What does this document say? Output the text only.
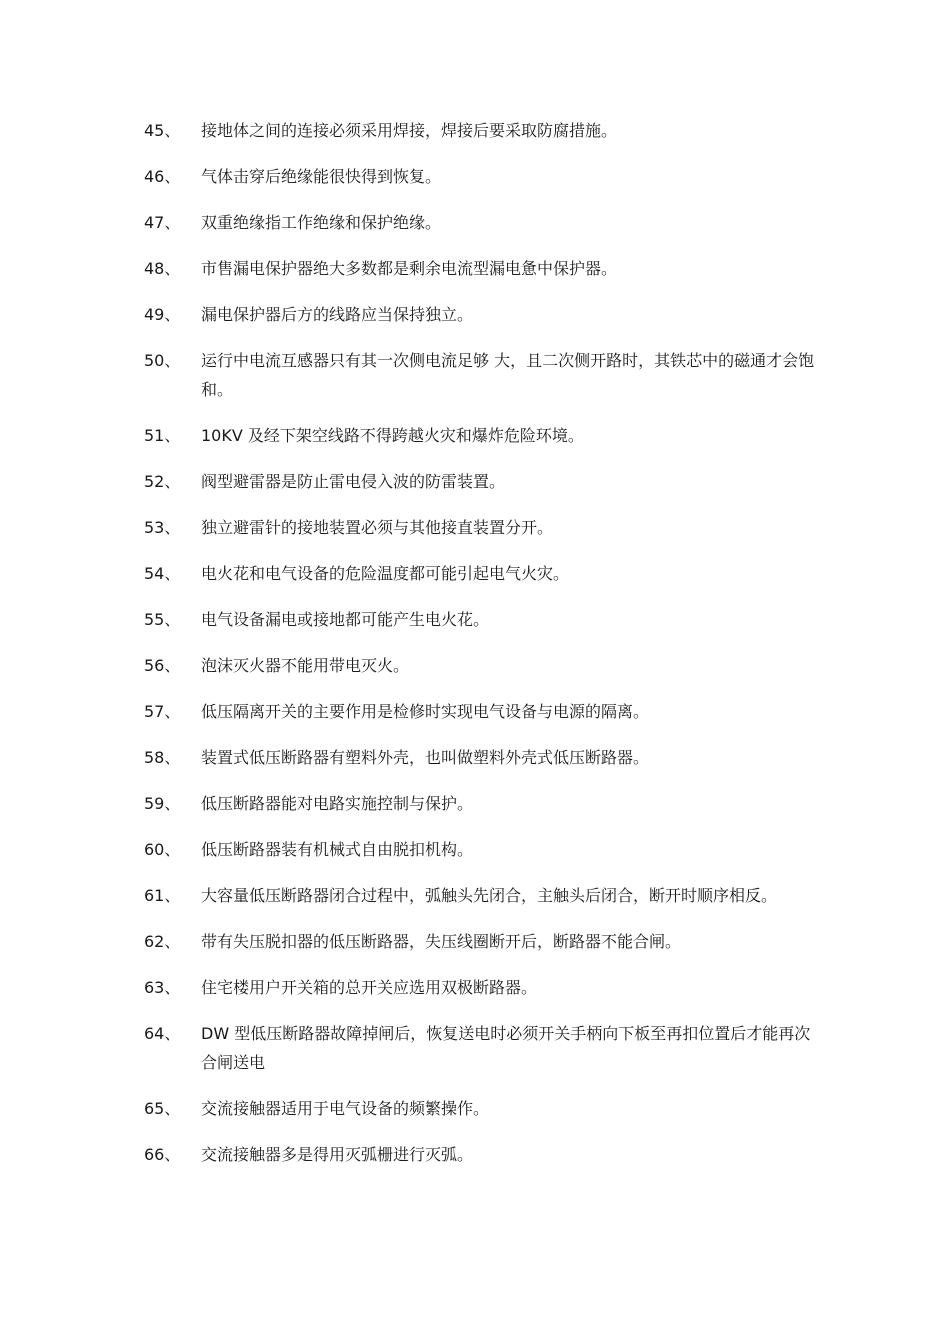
45、	接地体之间的连接必须采用焊接，焊接后要采取防腐措施。
46、	气体击穿后绝缘能很快得到恢复。
47、	双重绝缘指工作绝缘和保护绝缘。
48、	市售漏电保护器绝大多数都是剩余电流型漏电惫中保护器。
49、	漏电保护器后方的线路应当保持独立。
50、	运行中电流互感器只有其一次侧电流足够 大，且二次侧开路时，其铁芯中的磁通才会饱和。
51、	10KV 及经下架空线路不得跨越火灾和爆炸危险环境。
52、	阀型避雷器是防止雷电侵入波的防雷装置。
53、	独立避雷针的接地装置必须与其他接直装置分开。
54、	电火花和电气设备的危险温度都可能引起电气火灾。
55、	电气设备漏电或接地都可能产生电火花。
56、	泡沫灭火器不能用带电灭火。
57、	低压隔离开关的主要作用是检修时实现电气设备与电源的隔离。
58、	装置式低压断路器有塑料外壳，也叫做塑料外壳式低压断路器。
59、	低压断路器能对电路实施控制与保护。
60、	低压断路器装有机械式自由脱扣机构。
61、	大容量低压断路器闭合过程中，弧触头先闭合，主触头后闭合，断开时顺序相反。
62、	带有失压脱扣器的低压断路器，失压线圈断开后，断路器不能合闸。
63、	住宅楼用户开关箱的总开关应选用双极断路器。
64、	DW 型低压断路器故障掉闸后，恢复送电时必须开关手柄向下板至再扣位置后才能再次合闸送电
65、	交流接触器适用于电气设备的频繁操作。
66、	交流接触器多是得用灭弧栅进行灭弧。
